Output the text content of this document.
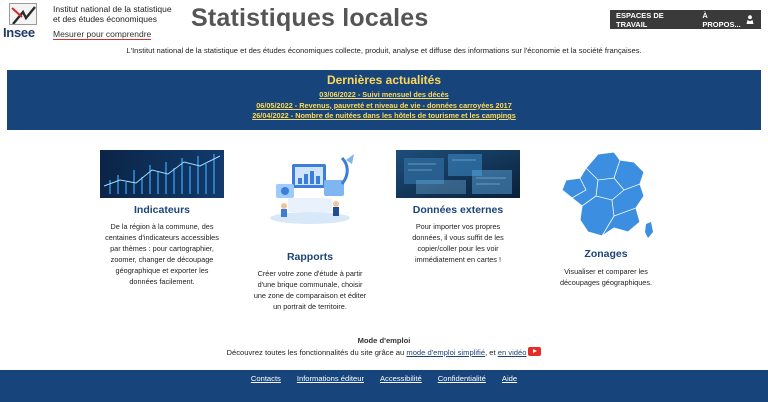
Insee
Institut national de la statistique
et des études économiques
Mesurer pour comprendre
Statistiques locales	ESPACES DE TRAVAIL
À PROPOS...
L'Institut national de la statistique et des études économiques collecte, produit, analyse et diffuse des informations sur l'économie et la société françaises.
Dernières actualités
03/06/2022 - Suivi mensuel des décès
06/05/2022 - Revenus, pauvreté et niveau de vie - données carroyées 2017
26/04/2022 - Nombre de nuitées dans les hôtels de tourisme et les campings
Indicateurs
De la région à la commune, des centaines d'indicateurs accessibles par thèmes : pour cartographier, zoomer, changer de découpage géographique et exporter les données facilement.
Rapports
Créer votre zone d'étude à partir d'une brique communale, choisir une zone de comparaison et éditer un portrait de territoire.
Données externes
Pour importer vos propres données, il vous suffit de les copier/coller pour les voir immédiatement en cartes !	Zonages
Visualiser et comparer les découpages géographiques.
Mode d'emploi
Découvrez toutes les fonctionnalités du site grâce au mode d'emploi simplifié, et en vidéo
Contacts Informations éditeur Accessibilité Confidentialité Aide
